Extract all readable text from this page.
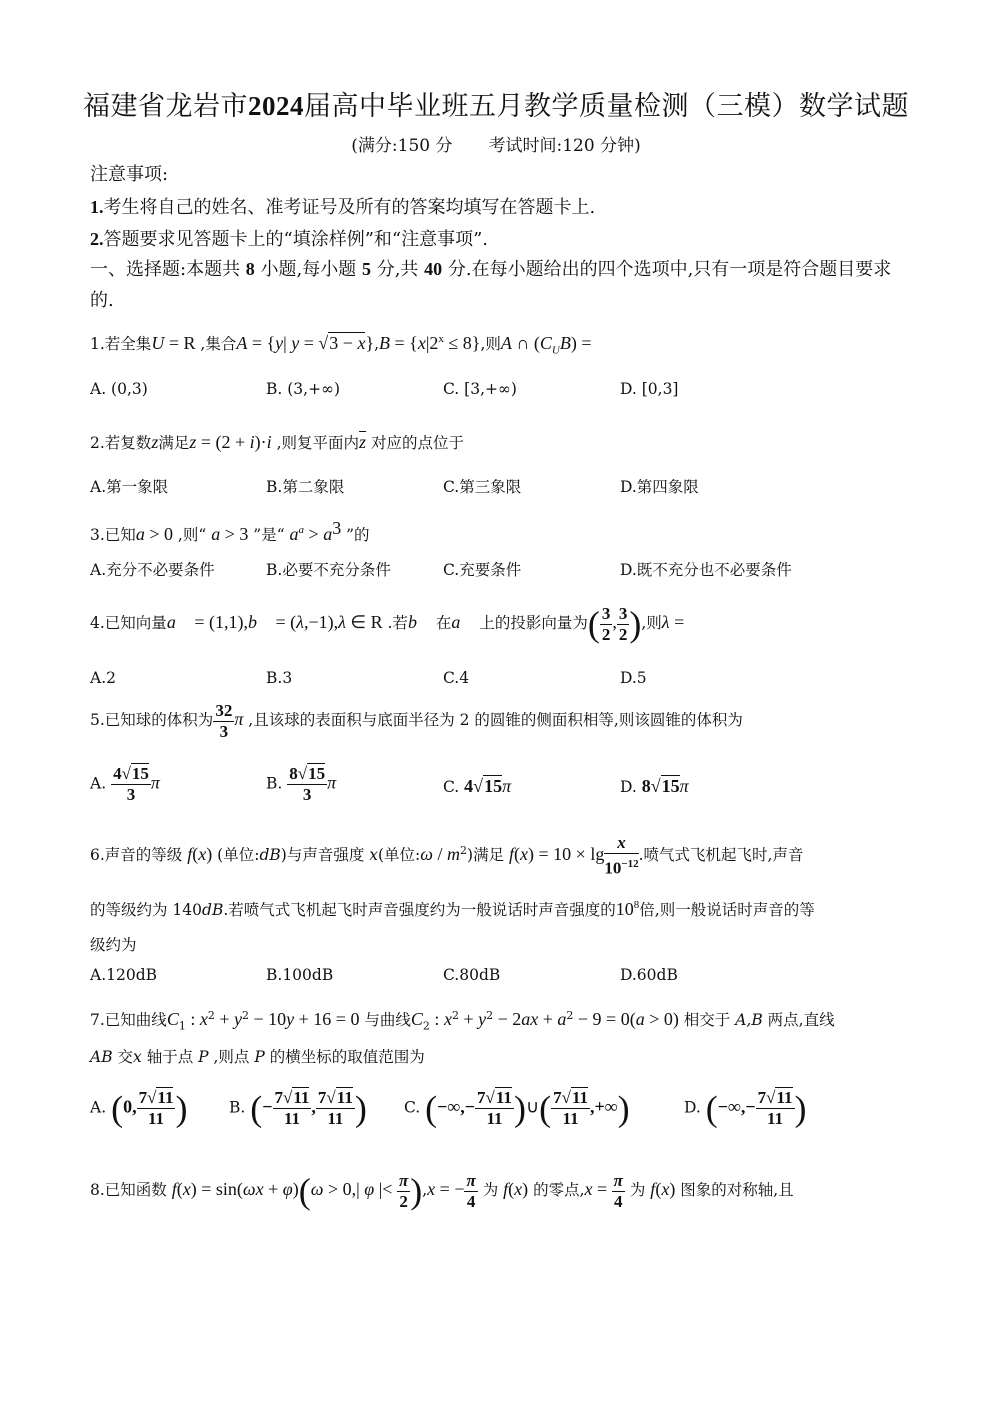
福建省龙岩市2024届高中毕业班五月教学质量检测（三模）数学试题
(满分:150 分 考试时间:120 分钟)
注意事项:
1.考生将自己的姓名、准考证号及所有的答案均填写在答题卡上.
2.答题要求见答题卡上的“填涂样例”和“注意事项”.
一、选择题:本题共 8 小题,每小题 5 分,共 40 分.在每小题给出的四个选项中,只有一项是符合题目要求的.
1.若全集U = R ,集合A = {y| $y = √3 - x\},B = \{x|2^x \le 8\}$,则A ∩ $(C_UB)$ =
A. (0,3)	B. (3,+∞)	C. [3,+∞)	D. [0,3]
2.若复数z满足z = (2 + i)·i ,则复平面内$\overline{z}$ 对应的点位于
A.第一象限	B.第二象限	C.第三象限	D.第四象限
3.已知a > 0 ,则“ a > 3 ”是“ $a^a > a^3$ ”的
A.充分不必要条件	B.必要不充分条件	C.充要条件	D.既不充分也不必要条件
4.已知向量a⃗ = (1,1),b⃗ = (λ,−1),λ ∈ R .若b⃗ 在a⃗ 上的投影向量为( $\frac{3}{2}$ , $\frac{3}{2}$ ),则λ =
A.2	B.3	C.4	D.5
5.已知球的体积为 $\frac{32}{3}$ π ,且该球的表面积与底面半径为 2 的圆锥的侧面积相等,则该圆锥的体积为
A. $\frac{4√15}{3}$ π	B. $\frac{8√15}{3}$ π	C. 4√15π	D. 8√15π
6.声音的等级 f(x) (单位:dB)与声音强度 x(单位:ω / $m^2$)满足 $f(x) = 10 \times \lg \frac{x}{10^{-12}}$ .喷气式飞机起飞时,声音
的等级约为 140dB.若喷气式飞机起飞时声音强度约为一般说话时声音强度的$10^8$倍,则一般说话时声音的等
级约为
A.120dB	B.100dB	C.80dB	D.60dB
7.已知曲线$C_1$ : $x^2 + y^2 - 10y + 16 = 0$ 与曲线$C_2$ : $x^2 + y^2 - 2ax + a^2 - 9 = 0(a > 0)$ 相交于 A,B 两点,直线
AB 交x 轴于点 P ,则点 P 的横坐标的取值范围为
A. (0, $\frac{7√11}{11}$ )	B. (− $\frac{7√11}{11}$ , $\frac{7√11}{11}$ ) C. (−∞,− $\frac{7√11}{11}$ )∪( $\frac{7√11}{11}$ ,+∞)	D. (−∞,− $\frac{7√11}{11}$ )
8.已知函数 f(x) = sin(ωx + φ)(ω > 0,| φ |< $\frac{\pi}{2} ),x$ = − $\frac{\pi}{4}$ 为 f(x) 的零点$,x = \frac{\pi}{4}$ 为 f(x) 图象的对称轴,且
